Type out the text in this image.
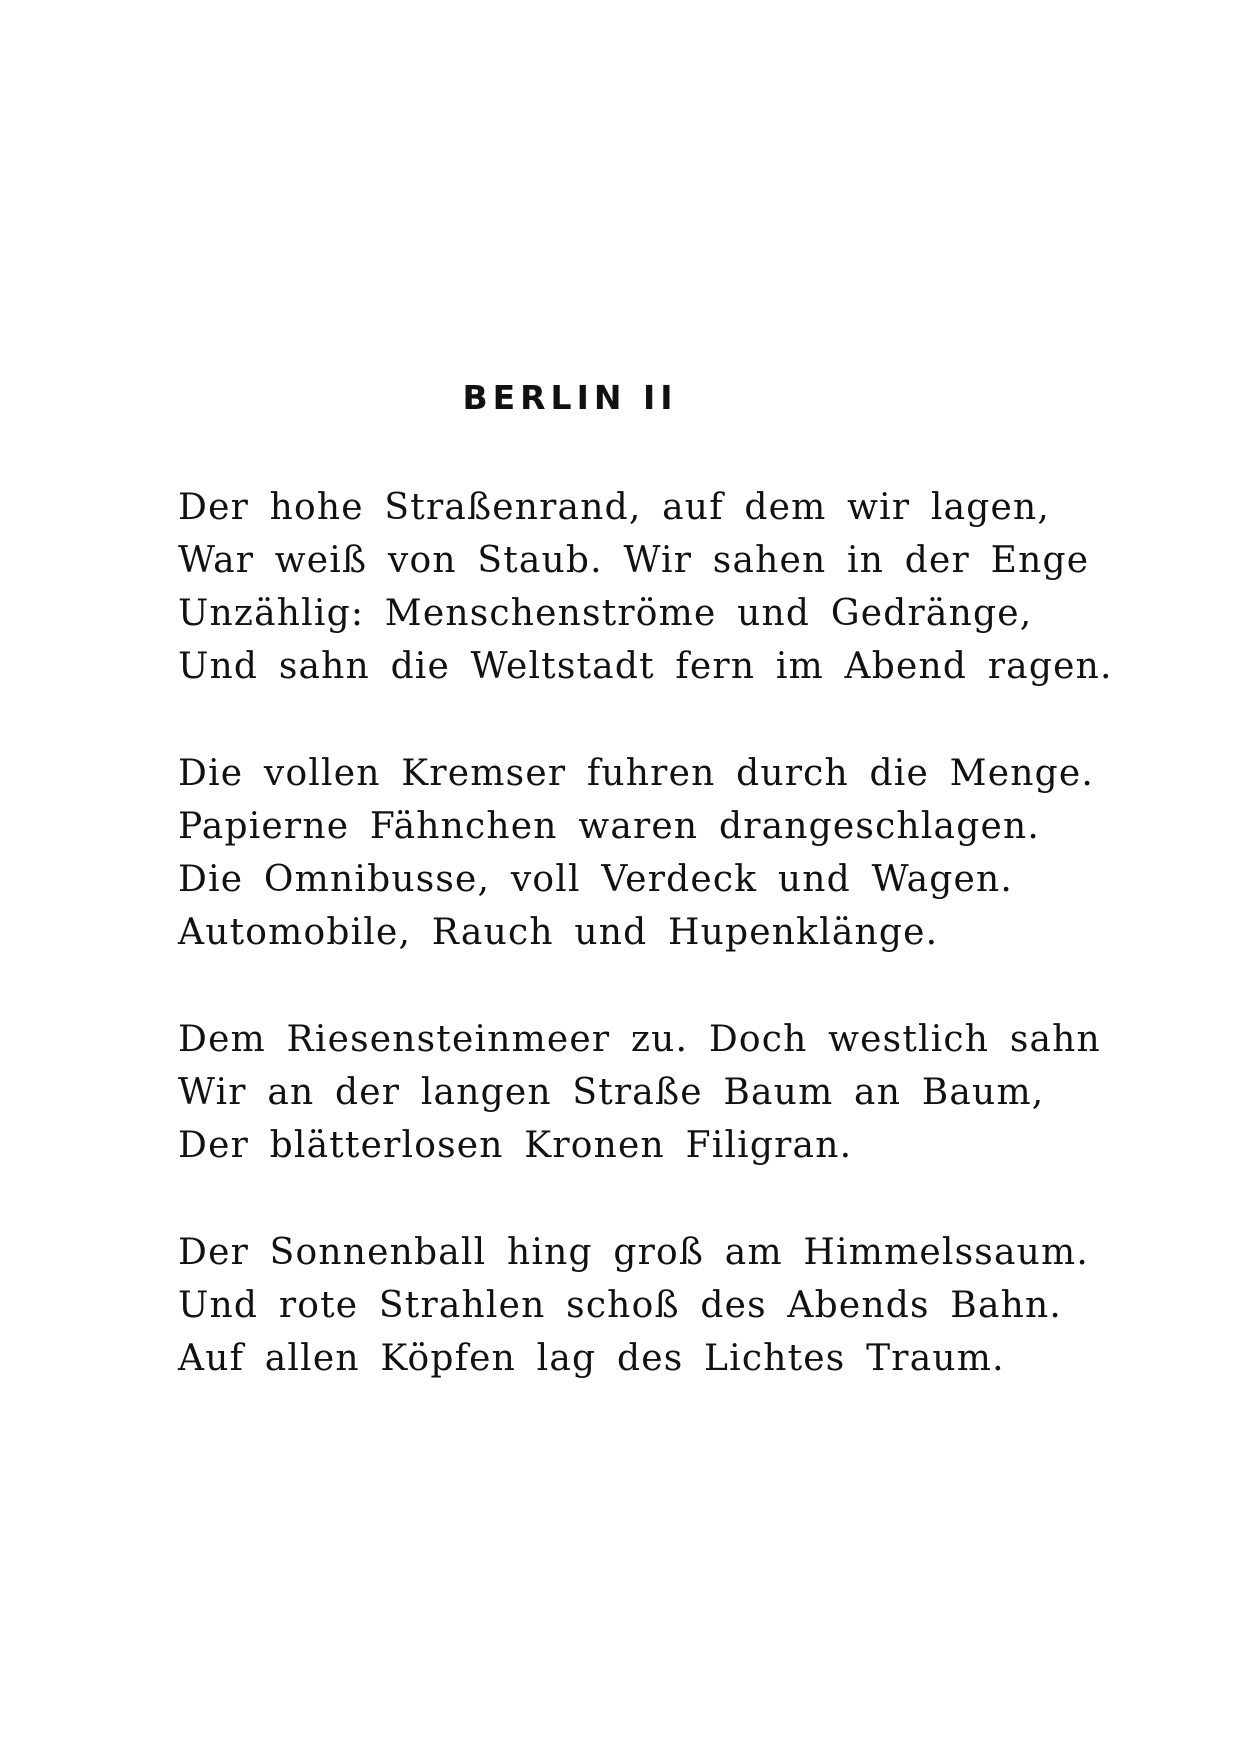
BERLIN II
Der hohe Straßenrand, auf dem wir lagen,
War weiß von Staub. Wir sahen in der Enge
Unzählig: Menschenströme und Gedränge,
Und sahn die Weltstadt fern im Abend ragen.
Die vollen Kremser fuhren durch die Menge.
Papierne Fähnchen waren drangeschlagen.
Die Omnibusse, voll Verdeck und Wagen.
Automobile, Rauch und Hupenklänge.
Dem Riesensteinmeer zu. Doch westlich sahn
Wir an der langen Straße Baum an Baum,
Der blätterlosen Kronen Filigran.
Der Sonnenball hing groß am Himmelssaum.
Und rote Strahlen schoß des Abends Bahn.
Auf allen Köpfen lag des Lichtes Traum.
